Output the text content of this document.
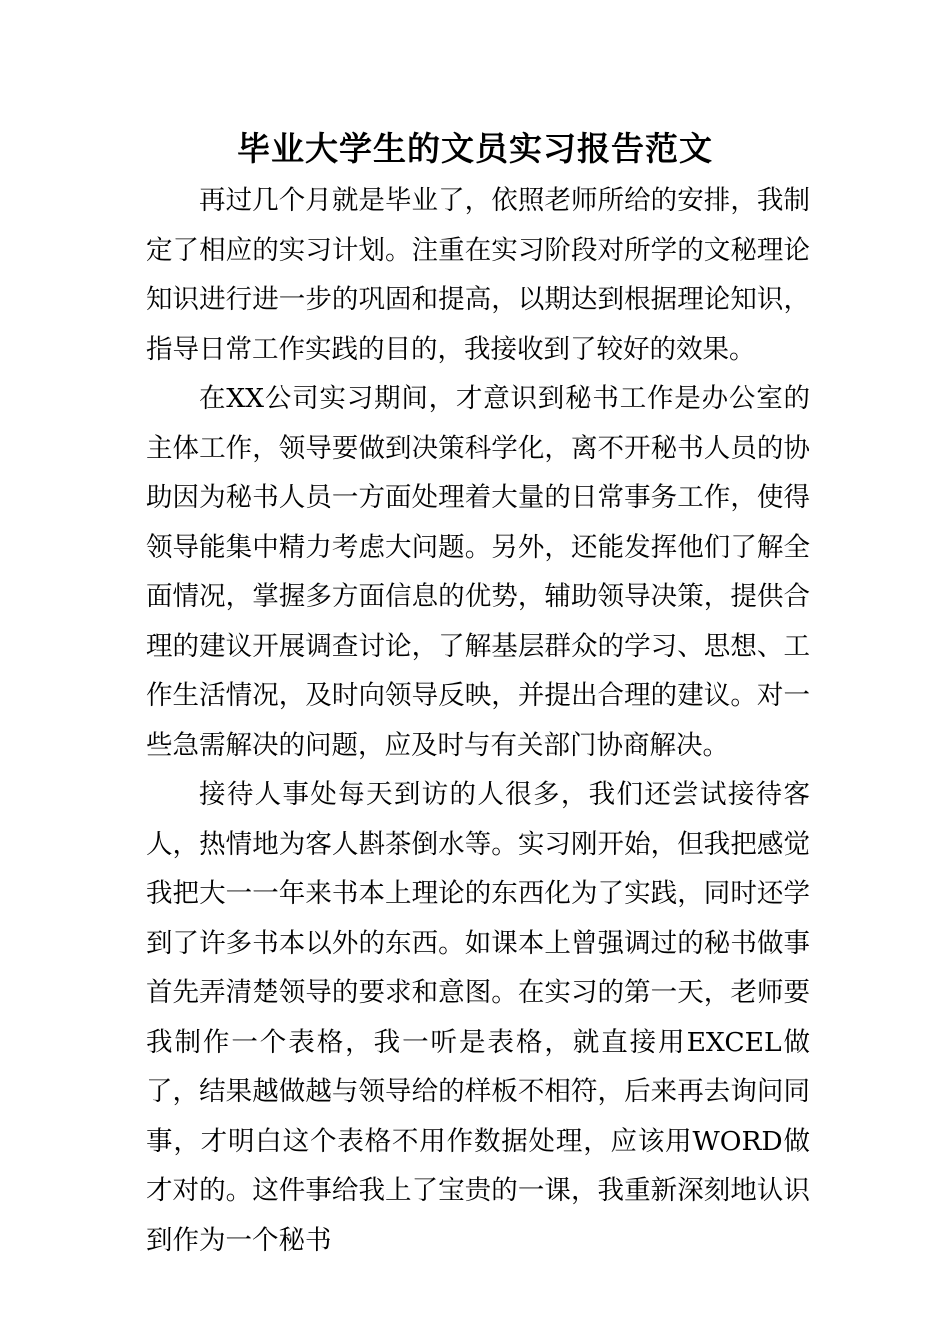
毕业大学生的文员实习报告范文

再过几个月就是毕业了，依照老师所给的安排，我制定了相应的实习计划。注重在实习阶段对所学的文秘理论知识进行进一步的巩固和提高，以期达到根据理论知识，指导日常工作实践的目的，我接收到了较好的效果。

在XX公司实习期间，才意识到秘书工作是办公室的主体工作，领导要做到决策科学化，离不开秘书人员的协助因为秘书人员一方面处理着大量的日常事务工作，使得领导能集中精力考虑大问题。另外，还能发挥他们了解全面情况，掌握多方面信息的优势，辅助领导决策，提供合理的建议开展调查讨论，了解基层群众的学习、思想、工作生活情况，及时向领导反映，并提出合理的建议。对一些急需解决的问题，应及时与有关部门协商解决。

接待人事处每天到访的人很多，我们还尝试接待客人，热情地为客人斟茶倒水等。实习刚开始，但我把感觉我把大一一年来书本上理论的东西化为了实践，同时还学到了许多书本以外的东西。如课本上曾强调过的秘书做事首先弄清楚领导的要求和意图。在实习的第一天，老师要我制作一个表格，我一听是表格，就直接用EXCEL做了，结果越做越与领导给的样板不相符，后来再去询问同事，才明白这个表格不用作数据处理，应该用WORD做才对的。这件事给我上了宝贵的一课，我重新深刻地认识到作为一个秘书
